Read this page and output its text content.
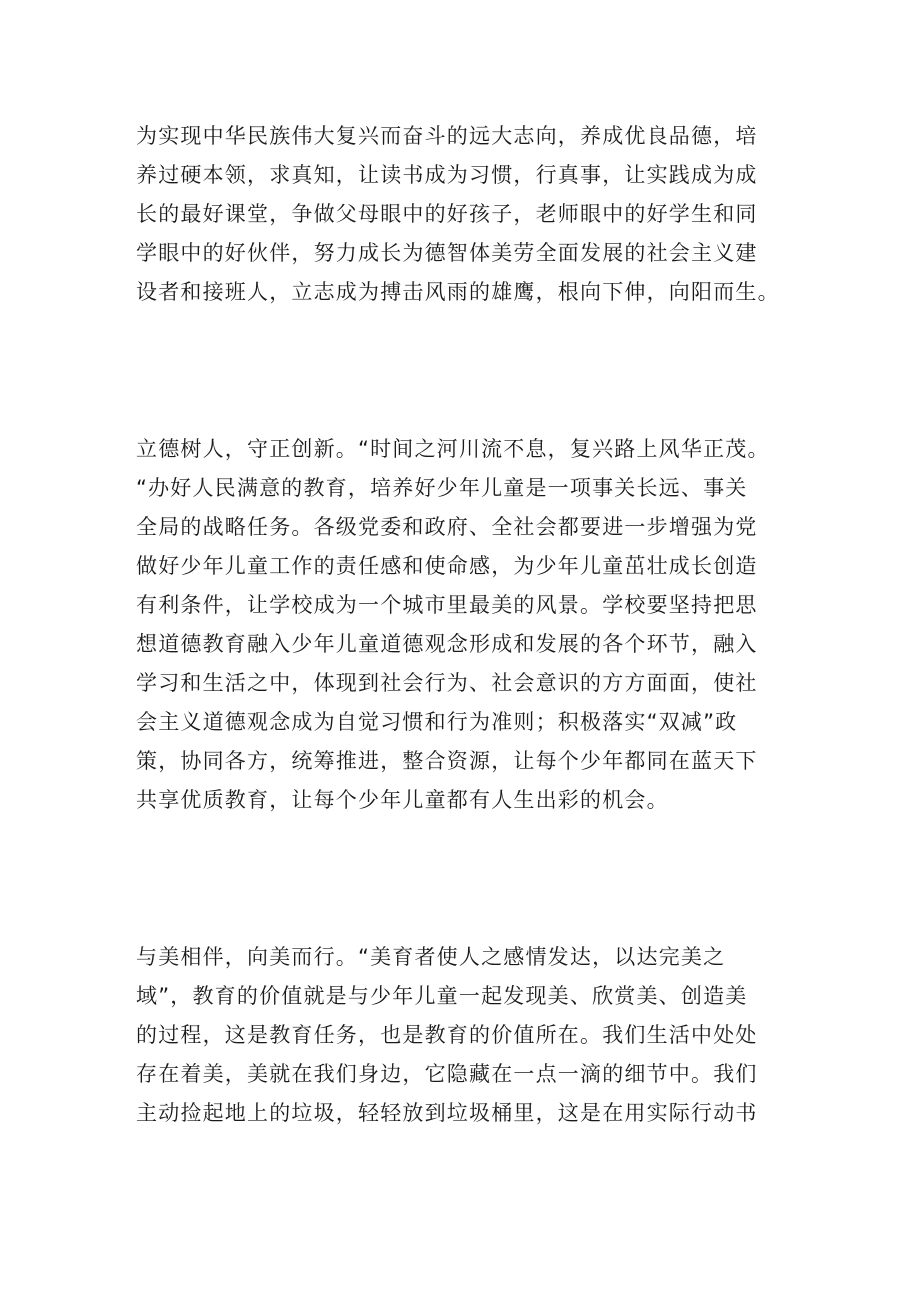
为实现中华民族伟大复兴而奋斗的远大志向，养成优良品德，培
养过硬本领，求真知，让读书成为习惯，行真事，让实践成为成
长的最好课堂，争做父母眼中的好孩子，老师眼中的好学生和同
学眼中的好伙伴，努力成长为德智体美劳全面发展的社会主义建
设者和接班人，立志成为搏击风雨的雄鹰，根向下伸，向阳而生。

立德树人，守正创新。“时间之河川流不息，复兴路上风华正茂。
“办好人民满意的教育，培养好少年儿童是一项事关长远、事关
全局的战略任务。各级党委和政府、全社会都要进一步增强为党
做好少年儿童工作的责任感和使命感，为少年儿童茁壮成长创造
有利条件，让学校成为一个城市里最美的风景。学校要坚持把思
想道德教育融入少年儿童道德观念形成和发展的各个环节，融入
学习和生活之中，体现到社会行为、社会意识的方方面面，使社
会主义道德观念成为自觉习惯和行为准则；积极落实“双减”政
策，协同各方，统筹推进，整合资源，让每个少年都同在蓝天下
共享优质教育，让每个少年儿童都有人生出彩的机会。

与美相伴，向美而行。“美育者使人之感情发达，以达完美之
域”，教育的价值就是与少年儿童一起发现美、欣赏美、创造美
的过程，这是教育任务，也是教育的价值所在。我们生活中处处
存在着美，美就在我们身边，它隐藏在一点一滴的细节中。我们
主动捡起地上的垃圾，轻轻放到垃圾桶里，这是在用实际行动书
